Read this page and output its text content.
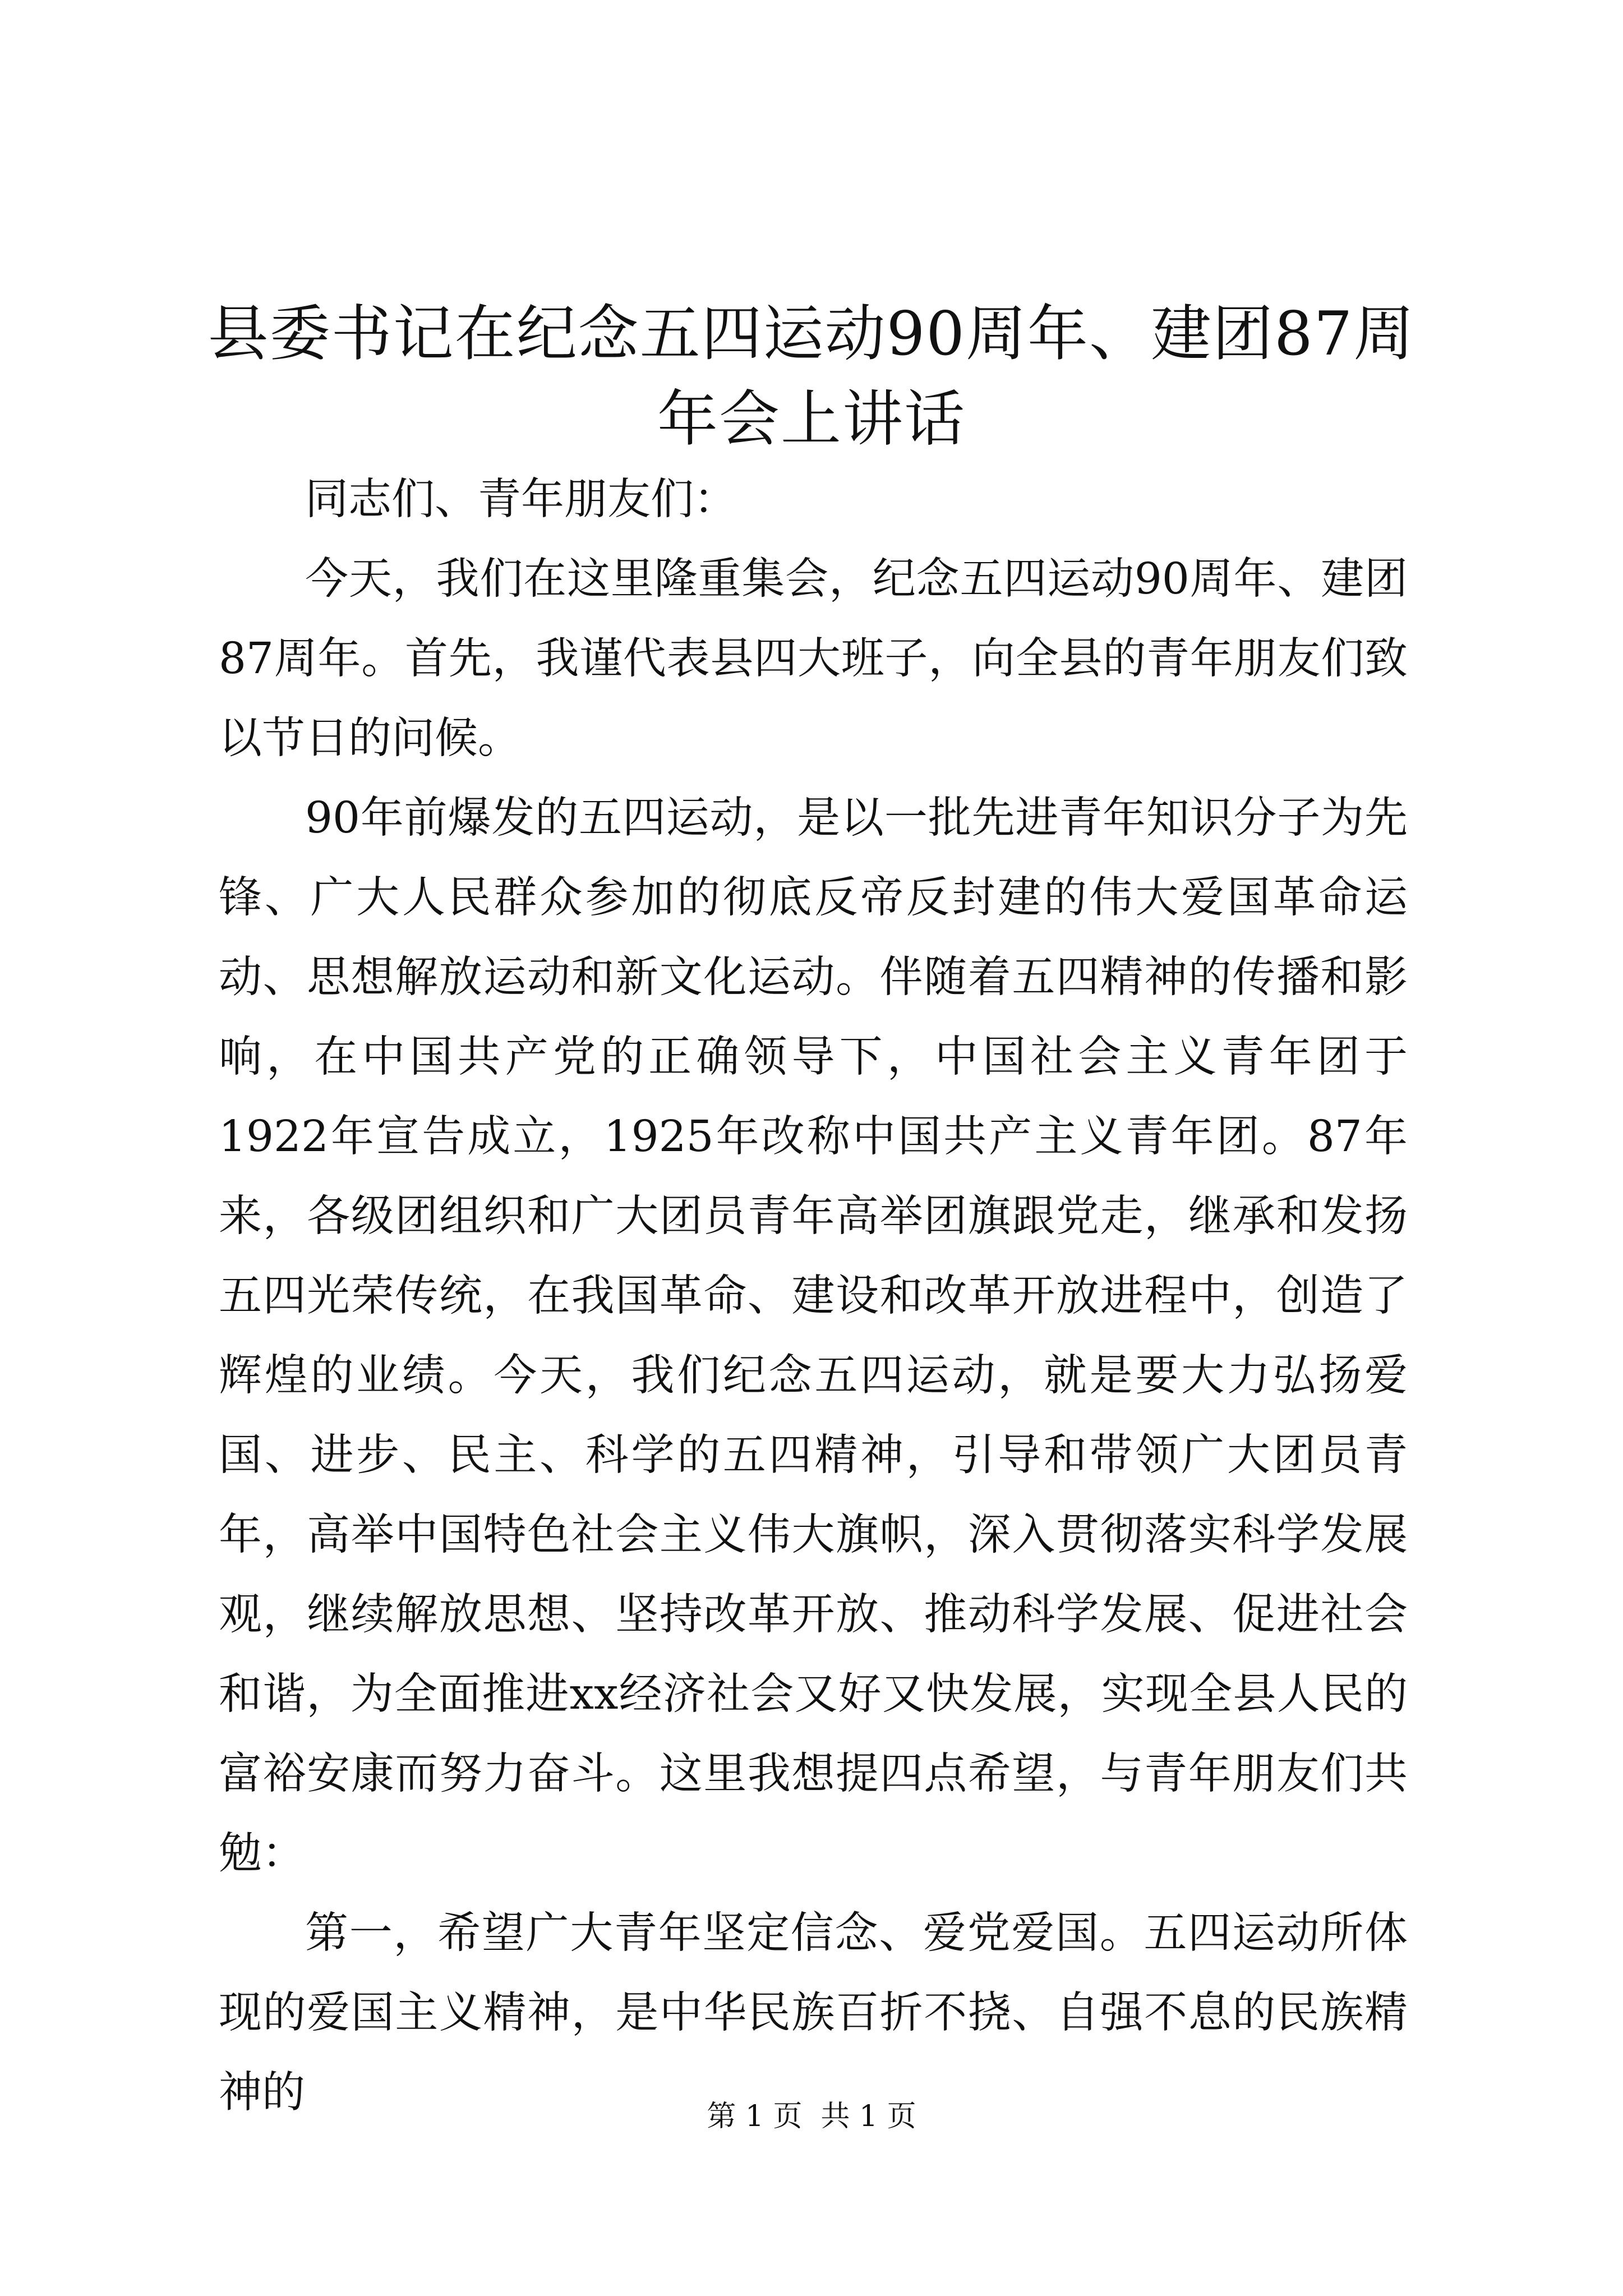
县委书记在纪念五四运动90周年、建团87周
年会上讲话

同志们、青年朋友们：

今天，我们在这里隆重集会，纪念五四运动90周年、建团87周年。首先，我谨代表县四大班子，向全县的青年朋友们致以节日的问候。

90年前爆发的五四运动，是以一批先进青年知识分子为先锋、广大人民群众参加的彻底反帝反封建的伟大爱国革命运动、思想解放运动和新文化运动。伴随着五四精神的传播和影响，在中国共产党的正确领导下，中国社会主义青年团于1922年宣告成立，1925年改称中国共产主义青年团。87年来，各级团组织和广大团员青年高举团旗跟党走，继承和发扬五四光荣传统，在我国革命、建设和改革开放进程中，创造了辉煌的业绩。今天，我们纪念五四运动，就是要大力弘扬爱国、进步、民主、科学的五四精神，引导和带领广大团员青年，高举中国特色社会主义伟大旗帜，深入贯彻落实科学发展观，继续解放思想、坚持改革开放、推动科学发展、促进社会和谐，为全面推进xx经济社会又好又快发展，实现全县人民的富裕安康而努力奋斗。这里我想提四点希望，与青年朋友们共勉：

第一，希望广大青年坚定信念、爱党爱国。五四运动所体现的爱国主义精神，是中华民族百折不挠、自强不息的民族精神的	第 1 页  共 1 页
